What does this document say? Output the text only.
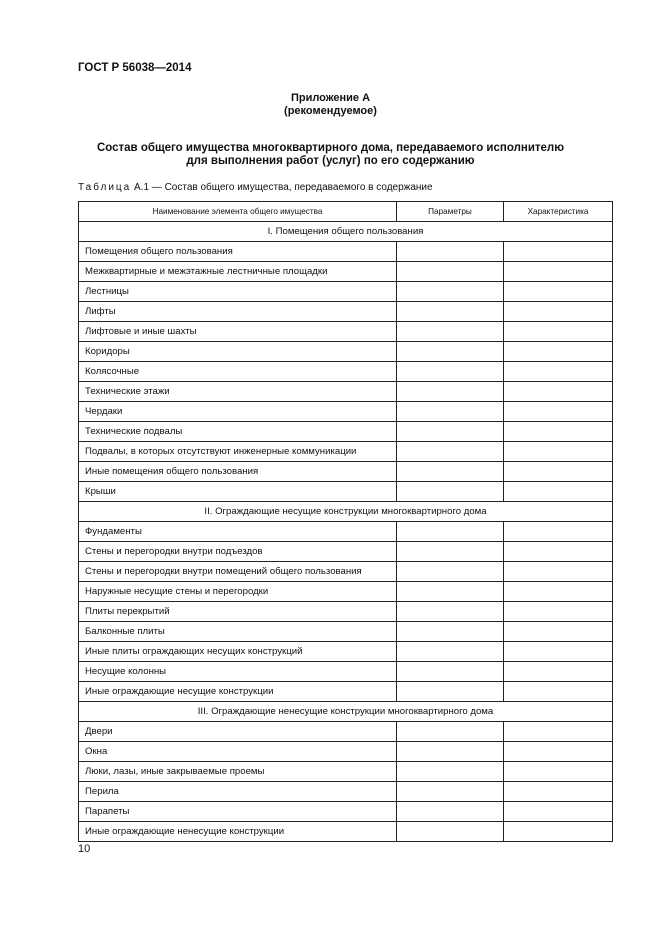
ГОСТ Р 56038—2014
Приложение А
(рекомендуемое)
Состав общего имущества многоквартирного дома, передаваемого исполнителю
для выполнения работ (услуг) по его содержанию
Таблица А.1 — Состав общего имущества, передаваемого в содержание
Наименование элемента общего имущества	Параметры	Характеристика
I. Помещения общего пользования		
Помещения общего пользования		
Межквартирные и межэтажные лестничные площадки		
Лестницы		
Лифты		
Лифтовые и иные шахты		
Коридоры		
Колясочные		
Технические этажи		
Чердаки		
Технические подвалы		
Подвалы, в которых отсутствуют инженерные коммуникации		
Иные помещения общего пользования		
Крыши		
II. Ограждающие несущие конструкции многоквартирного дома		
Фундаменты		
Стены и перегородки внутри подъездов		
Стены и перегородки внутри помещений общего пользования		
Наружные несущие стены и перегородки		
Плиты перекрытий		
Балконные плиты		
Иные плиты ограждающих несущих конструкций		
Несущие колонны		
Иные ограждающие несущие конструкции		
III. Ограждающие ненесущие конструкции многоквартирного дома		
Двери		
Окна		
Люки, лазы, иные закрываемые проемы		
Перила		
Парапеты		
Иные ограждающие ненесущие конструкции		
10
